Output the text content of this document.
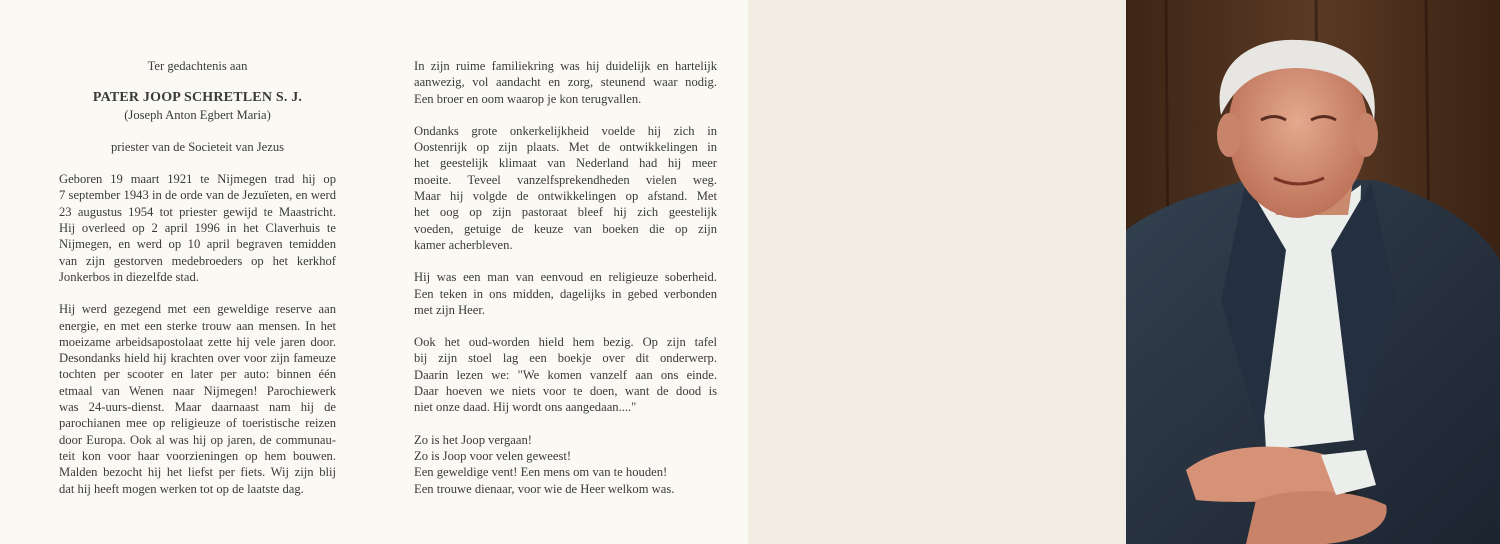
Ter gedachtenis aan

PATER JOOP SCHRETLEN S. J.

(Joseph Anton Egbert Maria)

priester van de Societeit van Jezus

Geboren 19 maart 1921 te Nijmegen trad hij op
7 september 1943 in de orde van de Jezuïeten, en werd
23 augustus 1954 tot priester gewijd te Maastricht.
Hij overleed op 2 april 1996 in het Claverhuis te
Nijmegen, en werd op 10 april begraven temidden
van zijn gestorven medebroeders op het kerkhof
Jonkerbos in diezelfde stad.
Hij werd gezegend met een geweldige reserve aan
energie, en met een sterke trouw aan mensen. In het
moeizame arbeidsapostolaat zette hij vele jaren door.
Desondanks hield hij krachten over voor zijn fameuze
tochten per scooter en later per auto: binnen één
etmaal van Wenen naar Nijmegen! Parochiewerk
was 24-uurs-dienst. Maar daarnaast nam hij de
parochianen mee op religieuze of toeristische reizen
door Europa. Ook al was hij op jaren, de communau-
teit kon voor haar voorzieningen op hem bouwen.
Malden bezocht hij het liefst per fiets. Wij zijn blij
dat hij heeft mogen werken tot op de laatste dag.
In zijn ruime familiekring was hij duidelijk en hartelijk
aanwezig, vol aandacht en zorg, steunend waar nodig.
Een broer en oom waarop je kon terugvallen.
Ondanks grote onkerkelijkheid voelde hij zich in
Oostenrijk op zijn plaats. Met de ontwikkelingen in
het geestelijk klimaat van Nederland had hij meer
moeite. Teveel vanzelfsprekendheden vielen weg.
Maar hij volgde de ontwikkelingen op afstand. Met
het oog op zijn pastoraat bleef hij zich geestelijk
voeden, getuige de keuze van boeken die op zijn
kamer acherbleven.
Hij was een man van eenvoud en religieuze soberheid.
Een teken in ons midden, dagelijks in gebed verbonden
met zijn Heer.
Ook het oud-worden hield hem bezig. Op zijn tafel
bij zijn stoel lag een boekje over dit onderwerp.
Daarin lezen we: "We komen vanzelf aan ons einde.
Daar hoeven we niets voor te doen, want de dood is
niet onze daad. Hij wordt ons aangedaan...."
Zo is het Joop vergaan!
Zo is Joop voor velen geweest!
Een geweldige vent! Een mens om van te houden!
Een trouwe dienaar, voor wie de Heer welkom was.
